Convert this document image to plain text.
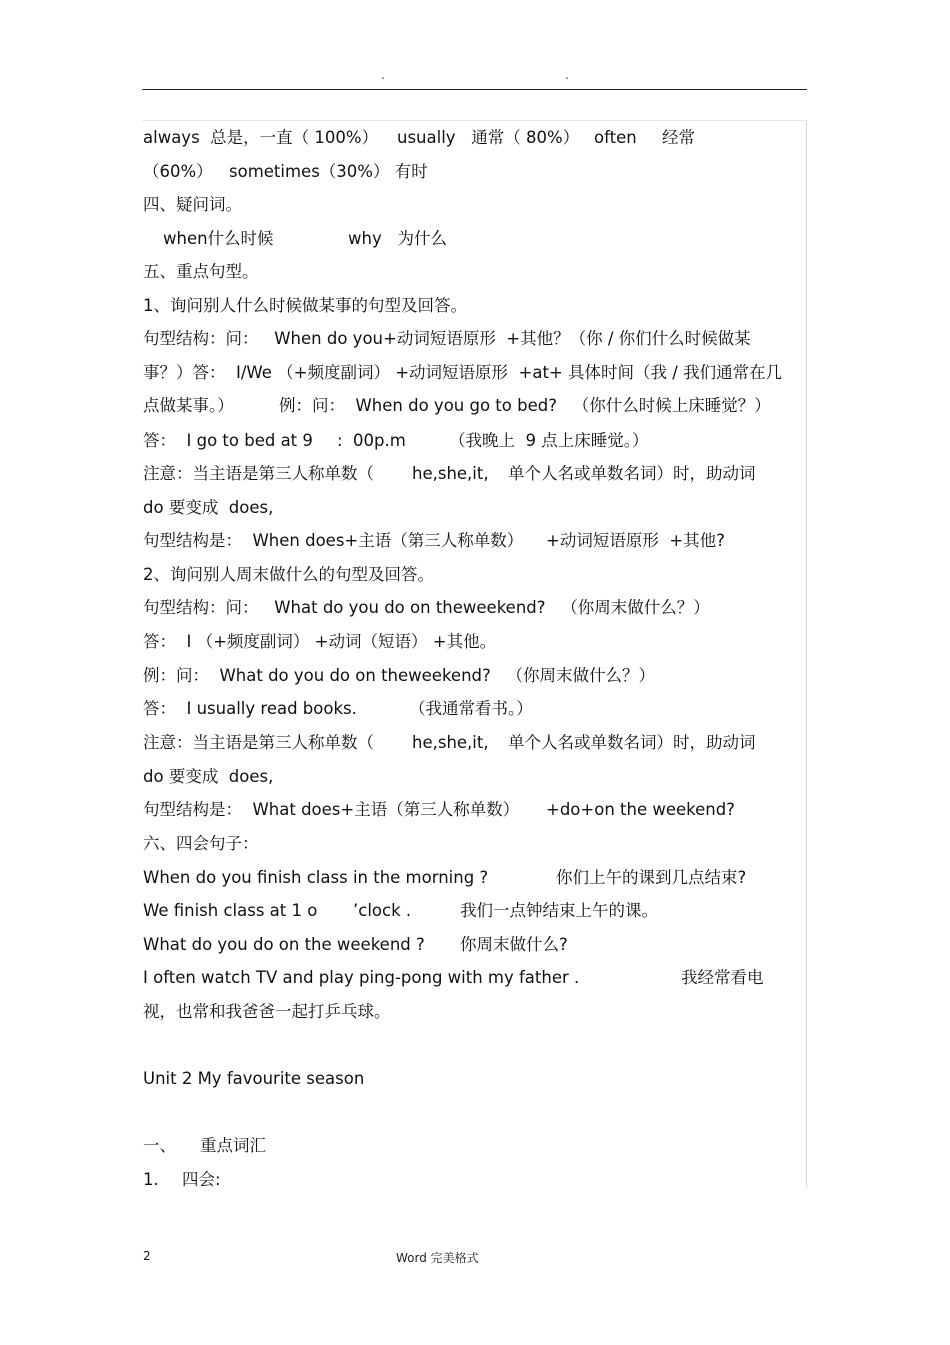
.	.

always  总是，一直（ 100%）

usually   通常（ 80%）

often

经常

（60%）

sometimes（30%） 有时

四、疑问词。

when什么时候

	why   为什么

五、重点句型。

1、询问别人什么时候做某事的句型及回答。

句型结构：问：   When do you+动词短语原形  +其他？（你 / 你们什么时候做某

事？）答：  I/We （+频度副词） +动词短语原形  +at+ 具体时间（我 / 我们通常在几

点做某事。）

	例：问：  When do you go to bed?   （你什么时候上床睡觉？）

答：  I go to bed at 9

:  00p.m

	（我晚上  9 点上床睡觉。）

注意：当主语是第三人称单数（

he,she,it,

单个人名或单数名词）时，助动词

do 要变成  does,

句型结构是：  When does+主语（第三人称单数）

+动词短语原形  +其他?

2、询问别人周末做什么的句型及回答。

句型结构：问：   What do you do on theweekend?   （你周末做什么？）

答：  I （+频度副词） +动词（短语） +其他。

例：问：  What do you do on theweekend?   （你周末做什么？）

答：  I usually read books.

	（我通常看书。）

注意：当主语是第三人称单数（

he,she,it,

单个人名或单数名词）时，助动词

do 要变成  does,

句型结构是：  What does+主语（第三人称单数）

+do+on the weekend?

六、四会句子：

When do you finish class in the morning ?

	你们上午的课到几点结束?

We finish class at 1 o

’clock .

	我们一点钟结束上午的课。

What do you do on the weekend ?

你周末做什么?

I often watch TV and play ping-pong with my father .

	我经常看电

视，也常和我爸爸一起打乒乓球。

Unit 2 My favourite season

一、

重点词汇

1.

四会:

2	Word 完美格式
